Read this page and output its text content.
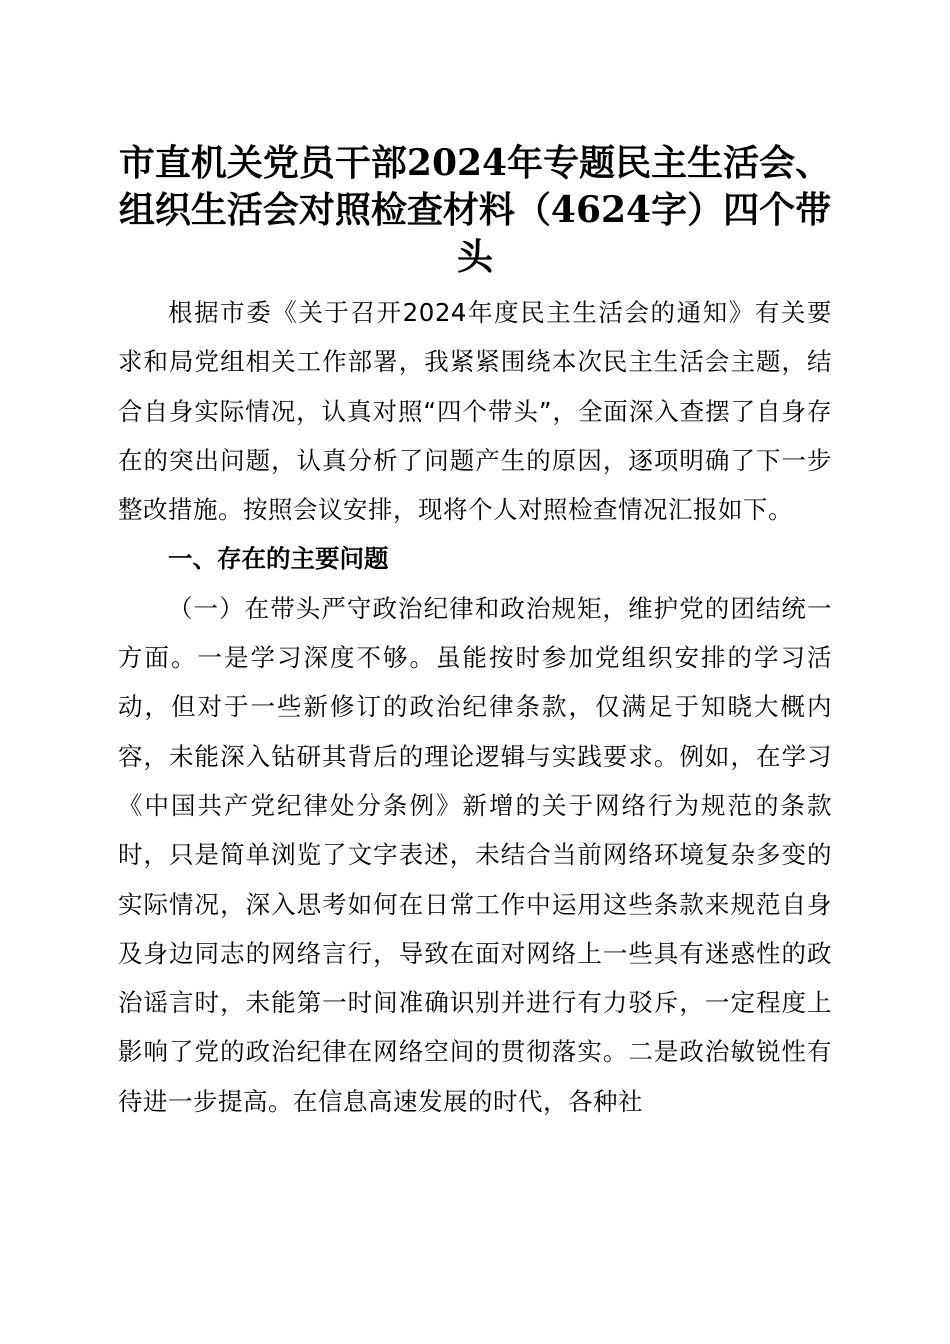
市直机关党员干部2024年专题民主生活会、组织生活会对照检查材料（4624字）四个带头

根据市委《关于召开2024年度民主生活会的通知》有关要求和局党组相关工作部署，我紧紧围绕本次民主生活会主题，结合自身实际情况，认真对照“四个带头”，全面深入查摆了自身存在的突出问题，认真分析了问题产生的原因，逐项明确了下一步整改措施。按照会议安排，现将个人对照检查情况汇报如下。

一、存在的主要问题

（一）在带头严守政治纪律和政治规矩，维护党的团结统一方面。一是学习深度不够。虽能按时参加党组织安排的学习活动，但对于一些新修订的政治纪律条款，仅满足于知晓大概内容，未能深入钻研其背后的理论逻辑与实践要求。例如，在学习《中国共产党纪律处分条例》新增的关于网络行为规范的条款时，只是简单浏览了文字表述，未结合当前网络环境复杂多变的实际情况，深入思考如何在日常工作中运用这些条款来规范自身及身边同志的网络言行，导致在面对网络上一些具有迷惑性的政治谣言时，未能第一时间准确识别并进行有力驳斥，一定程度上影响了党的政治纪律在网络空间的贯彻落实。二是政治敏锐性有待进一步提高。在信息高速发展的时代，各种社
